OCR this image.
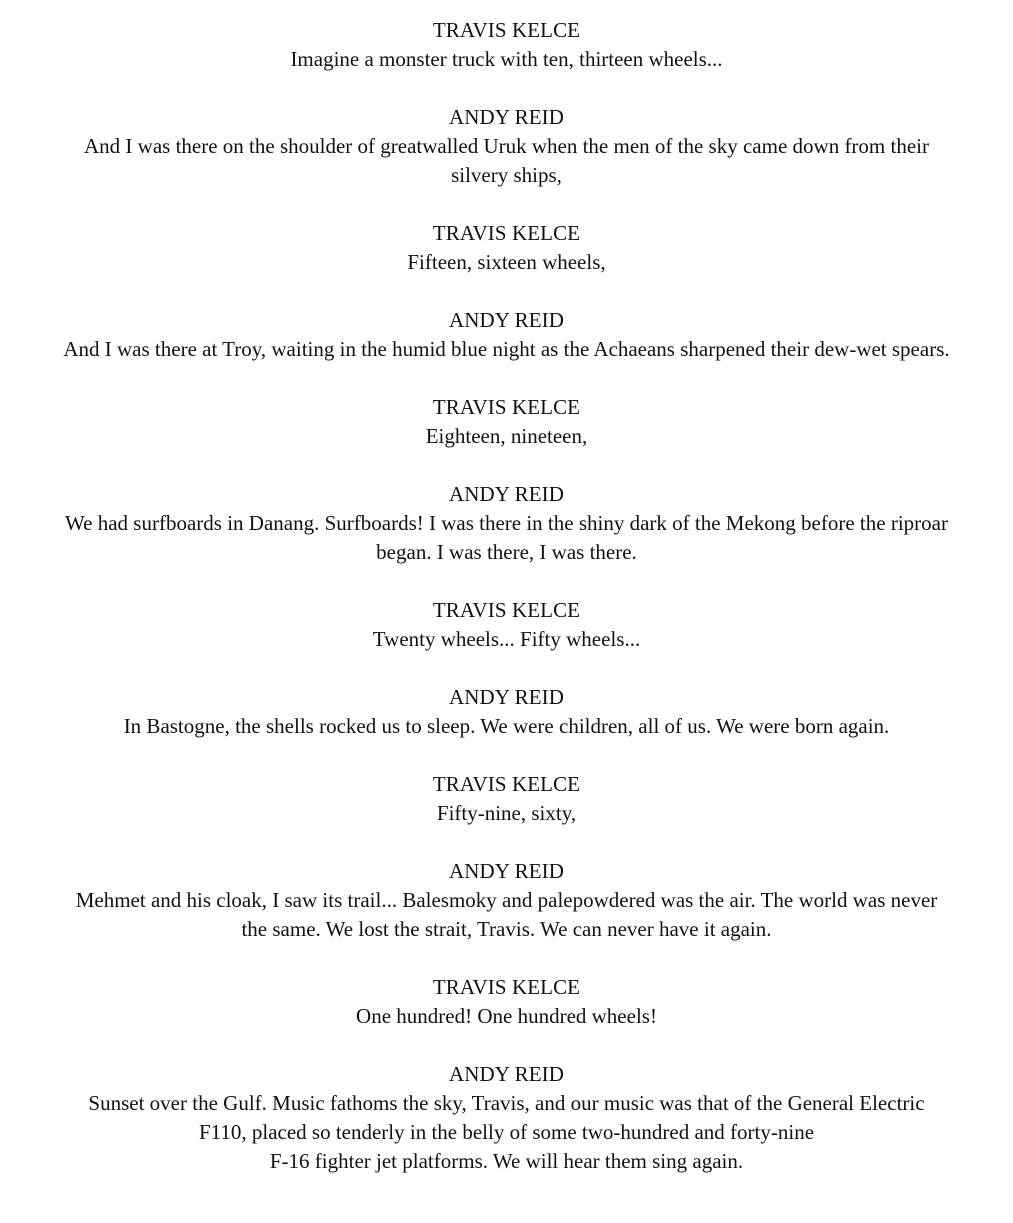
TRAVIS KELCE
Imagine a monster truck with ten, thirteen wheels...
ANDY REID
And I was there on the shoulder of greatwalled Uruk when the men of the sky came down from their
silvery ships,
TRAVIS KELCE
Fifteen, sixteen wheels,
ANDY REID
And I was there at Troy, waiting in the humid blue night as the Achaeans sharpened their dew-wet spears.
TRAVIS KELCE
Eighteen, nineteen,
ANDY REID
We had surfboards in Danang. Surfboards! I was there in the shiny dark of the Mekong before the riproar
began. I was there, I was there.
TRAVIS KELCE
Twenty wheels... Fifty wheels...
ANDY REID
In Bastogne, the shells rocked us to sleep. We were children, all of us. We were born again.
TRAVIS KELCE
Fifty-nine, sixty,
ANDY REID
Mehmet and his cloak, I saw its trail... Balesmoky and palepowdered was the air. The world was never
the same. We lost the strait, Travis. We can never have it again.
TRAVIS KELCE
One hundred! One hundred wheels!
ANDY REID
Sunset over the Gulf. Music fathoms the sky, Travis, and our music was that of the General Electric
F110, placed so tenderly in the belly of some two-hundred and forty-nine
F-16 fighter jet platforms. We will hear them sing again.
